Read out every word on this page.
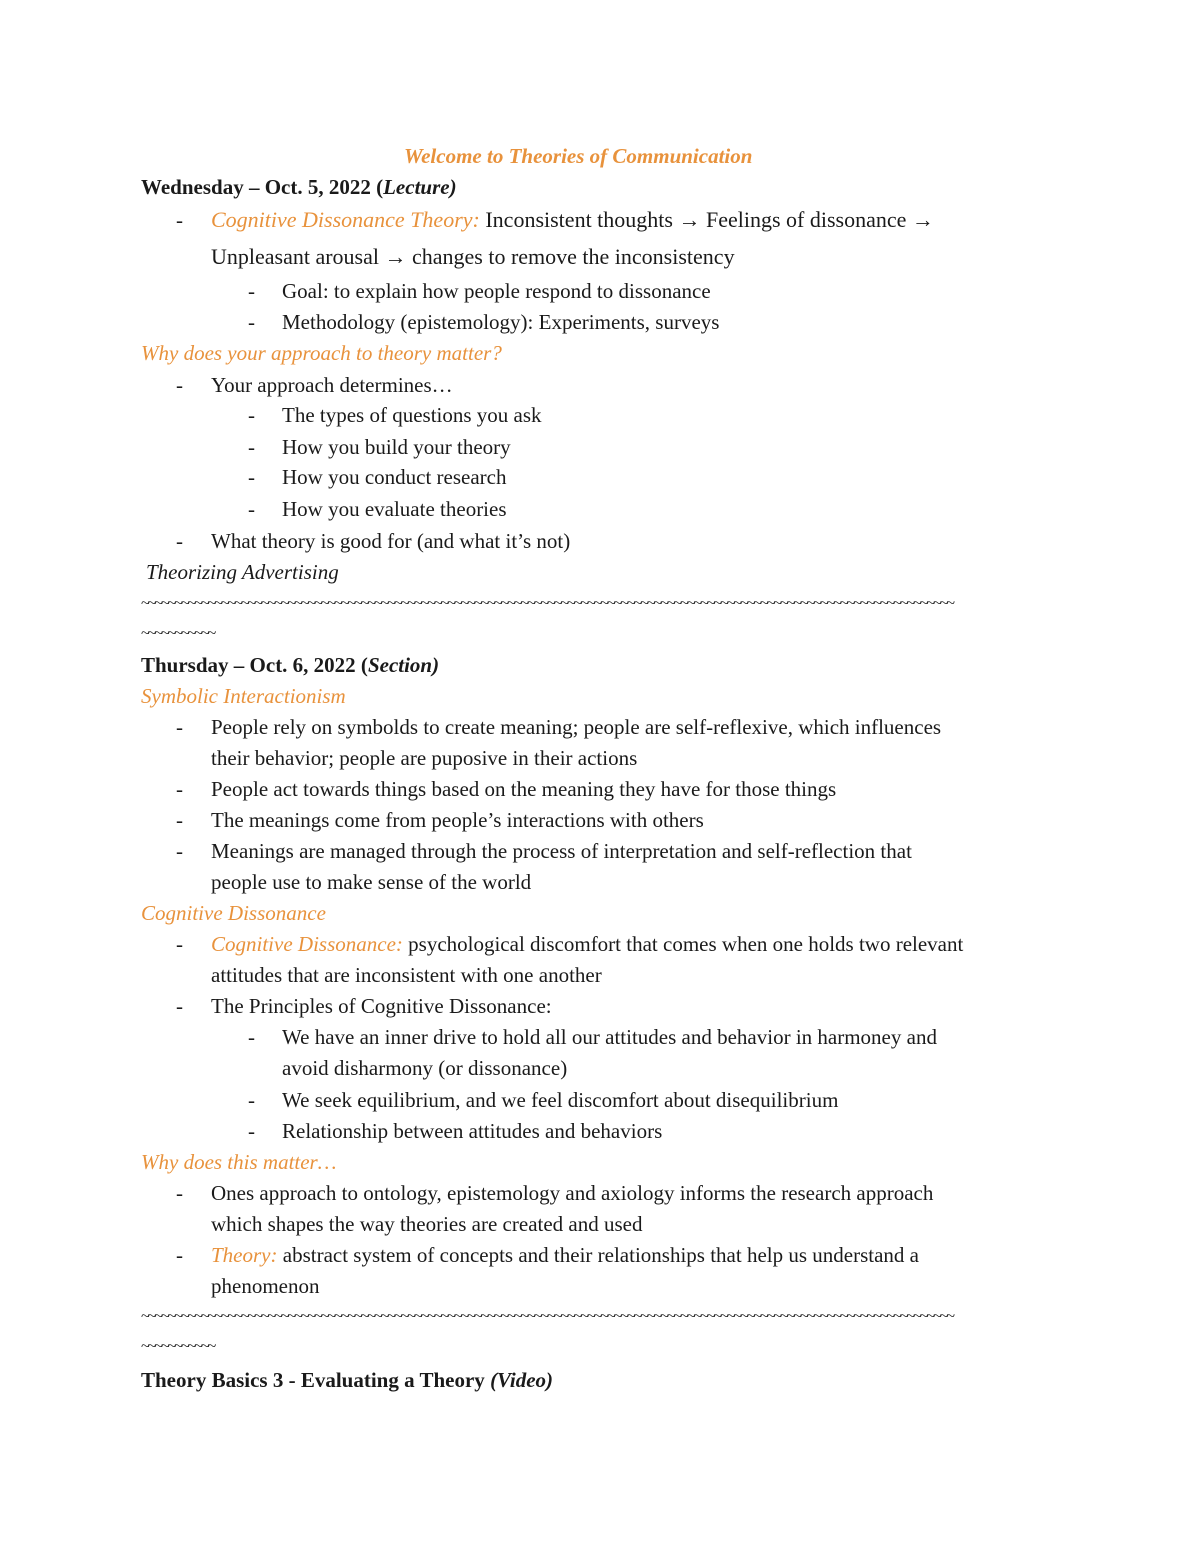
Welcome to Theories of Communication
Wednesday – Oct. 5, 2022 (Lecture)
- Cognitive Dissonance Theory: Inconsistent thoughts → Feelings of dissonance →
Unpleasant arousal → changes to remove the inconsistency
- Goal: to explain how people respond to dissonance
- Methodology (epistemology): Experiments, surveys
Why does your approach to theory matter?
- Your approach determines…
- The types of questions you ask
- How you build your theory
- How you conduct research
- How you evaluate theories
- What theory is good for (and what it’s not)
Theorizing Advertising
~~~~~~~~~~~~~~~~~~~~~~~~~~~~~~~~~~~~~~~~~~~~~~~~~~~~~~~~~~~~~~~~~~~~~~~~~~~~~~~~~~~~~~~~~~~~~~~~~~~~~~~~~~~~~~~~~~~~~~~~~~
~~~~~~~~~~~
Thursday – Oct. 6, 2022 (Section)
Symbolic Interactionism
- People rely on symbolds to create meaning; people are self-reflexive, which influences
their behavior; people are puposive in their actions
- People act towards things based on the meaning they have for those things
- The meanings come from people’s interactions with others
- Meanings are managed through the process of interpretation and self-reflection that
people use to make sense of the world
Cognitive Dissonance
- Cognitive Dissonance: psychological discomfort that comes when one holds two relevant
attitudes that are inconsistent with one another
- The Principles of Cognitive Dissonance:
- We have an inner drive to hold all our attitudes and behavior in harmoney and
avoid disharmony (or dissonance)
- We seek equilibrium, and we feel discomfort about disequilibrium
- Relationship between attitudes and behaviors
Why does this matter…
- Ones approach to ontology, epistemology and axiology informs the research approach
which shapes the way theories are created and used
- Theory: abstract system of concepts and their relationships that help us understand a
phenomenon
~~~~~~~~~~~~~~~~~~~~~~~~~~~~~~~~~~~~~~~~~~~~~~~~~~~~~~~~~~~~~~~~~~~~~~~~~~~~~~~~~~~~~~~~~~~~~~~~~~~~~~~~~~~~~~~~~~~~~~~~~~
~~~~~~~~~~~
Theory Basics 3 - Evaluating a Theory (Video)
